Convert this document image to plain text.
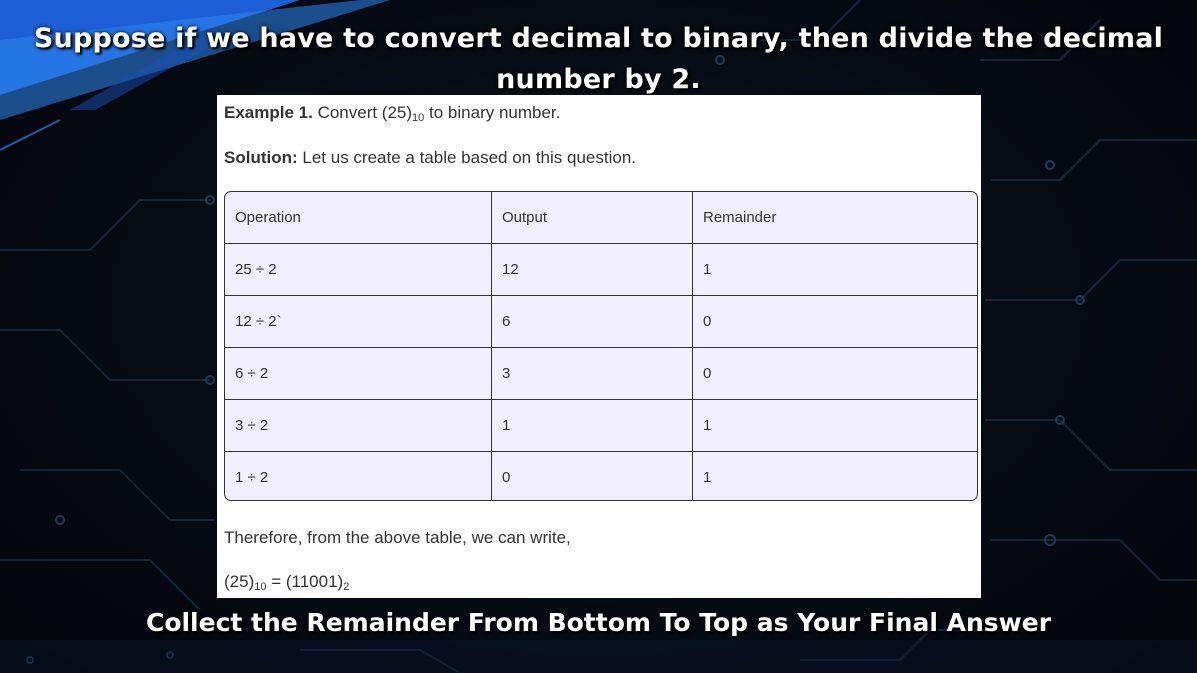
Suppose if we have to convert decimal to binary, then divide the decimal
number by 2.
Example 1. Convert $(25)_{10}$ to binary number.
Solution: Let us create a table based on this question.
Operation	Output	Remainder
25 ÷ 2	12	1
12 ÷ 2`	6	0
6 ÷ 2	3	0
3 ÷ 2	1	1
1 ÷ 2	0	1
Therefore, from the above table, we can write,
$(25)_{10} = (11001)_2$
Collect the Remainder From Bottom To Top as Your Final Answer
